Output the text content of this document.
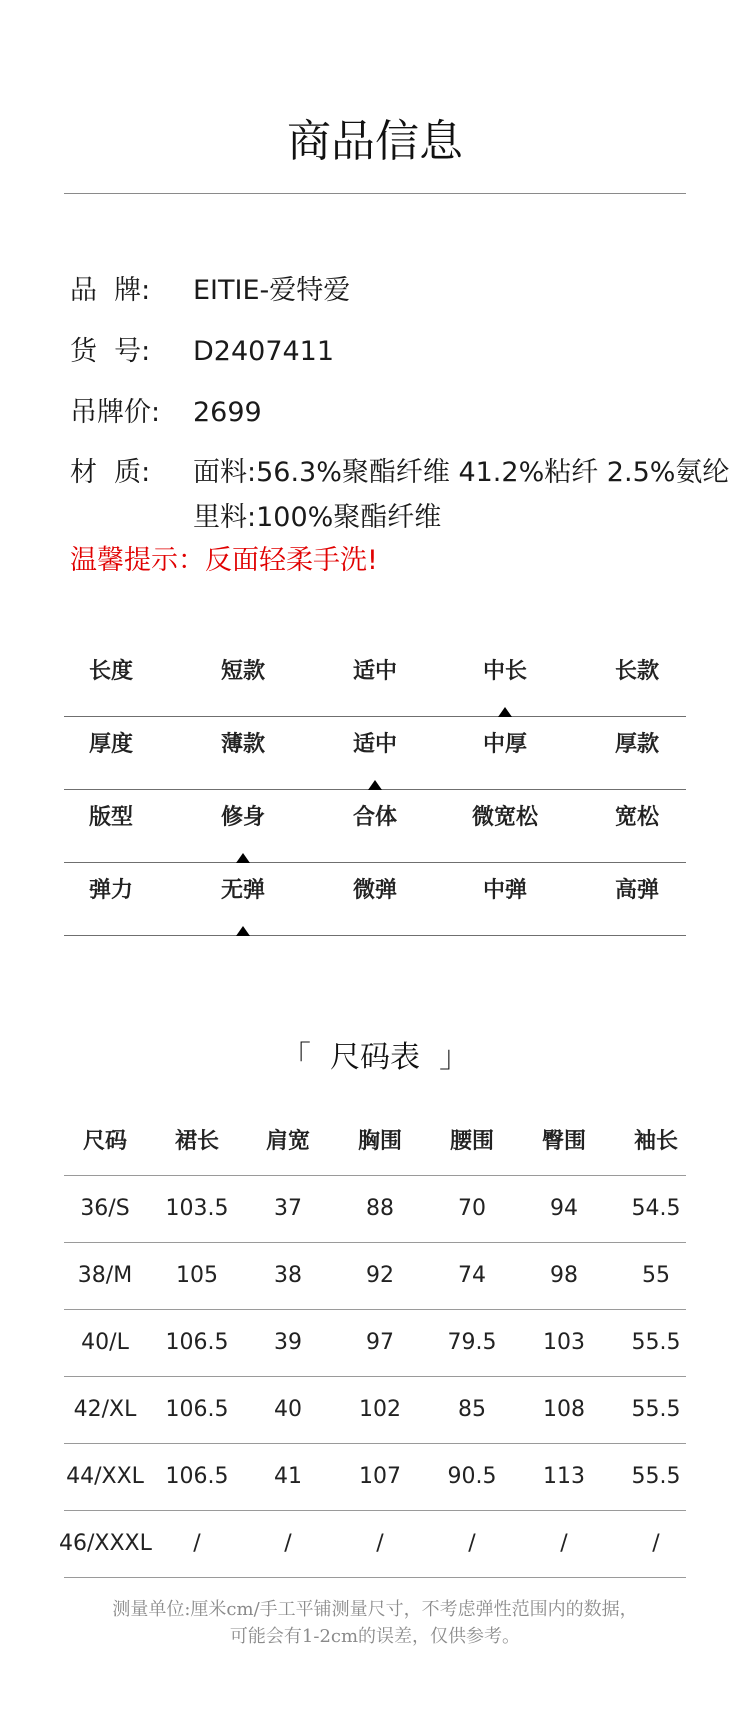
商品信息
品  牌:	EITIE-爱特爱
货  号:	D2407411
吊牌价:	2699
材  质:	面料:56.3%聚酯纤维 41.2%粘纤 2.5%氨纶
里料:100%聚酯纤维
温馨提示：反面轻柔手洗!
长度	短款	适中	中长	长款
厚度	薄款	适中	中厚	厚款
版型	修身	合体	微宽松	宽松
弹力	无弹	微弹	中弹	高弹
「  尺码表  」
尺码	裙长	肩宽	胸围	腰围	臀围	袖长
36/S	103.5	37	88	70	94	54.5
38/M	105	38	92	74	98	55
40/L	106.5	39	97	79.5	103	55.5
42/XL	106.5	40	102	85	108	55.5
44/XXL 106.5	41	107	90.5	113	55.5
46/XXXL	/	/	/	/	/	/
测量单位:厘米cm/手工平铺测量尺寸，不考虑弹性范围内的数据，
可能会有1-2cm的误差，仅供参考。
